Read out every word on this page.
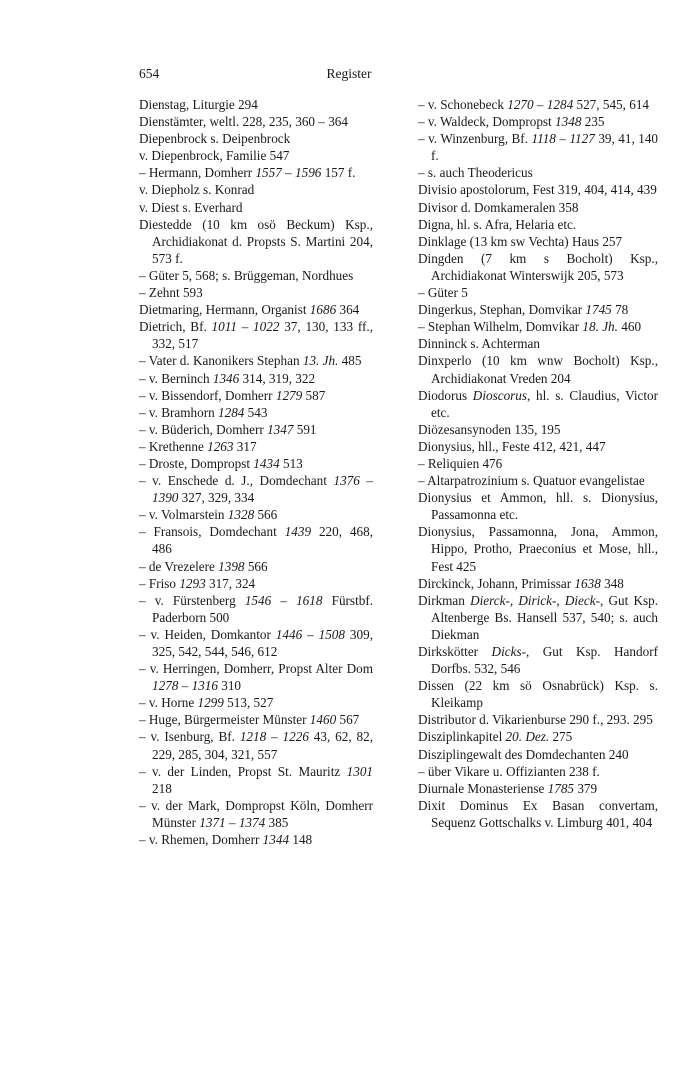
654	Register
Dienstag, Liturgie 294
Dienstämter, weltl. 228, 235, 360 – 364
Diepenbrock s. Deipenbrock
v. Diepenbrock, Familie 547
– Hermann, Domherr 1557 – 1596 157 f.
v. Diepholz s. Konrad
v. Diest s. Everhard
Diestedde (10 km osö Beckum) Ksp., Archidiakonat d. Propsts S. Martini 204, 573 f.
– Güter 5, 568; s. Brüggeman, Nordhues
– Zehnt 593
Dietmaring, Hermann, Organist 1686 364
Dietrich, Bf. 1011 – 1022 37, 130, 133 ff., 332, 517
– Vater d. Kanonikers Stephan 13. Jh. 485
– v. Berninch 1346 314, 319, 322
– v. Bissendorf, Domherr 1279 587
– v. Bramhorn 1284 543
– v. Büderich, Domherr 1347 591
– Krethenne 1263 317
– Droste, Dompropst 1434 513
– v. Enschede d. J., Domdechant 1376 – 1390 327, 329, 334
– v. Volmarstein 1328 566
– Fransois, Domdechant 1439 220, 468, 486
– de Vrezelere 1398 566
– Friso 1293 317, 324
– v. Fürstenberg 1546 – 1618 Fürstbf. Paderborn 500
– v. Heiden, Domkantor 1446 – 1508 309, 325, 542, 544, 546, 612
– v. Herringen, Domherr, Propst Alter Dom 1278 – 1316 310
– v. Horne 1299 513, 527
– Huge, Bürgermeister Münster 1460 567
– v. Isenburg, Bf. 1218 – 1226 43, 62, 82, 229, 285, 304, 321, 557
– v. der Linden, Propst St. Mauritz 1301 218
– v. der Mark, Dompropst Köln, Domherr Münster 1371 – 1374 385
– v. Rhemen, Domherr 1344 148
– v. Schonebeck 1270 – 1284 527, 545, 614
– v. Waldeck, Dompropst 1348 235
– v. Winzenburg, Bf. 1118 – 1127 39, 41, 140 f.
– s. auch Theodericus
Divisio apostolorum, Fest 319, 404, 414, 439
Divisor d. Domkameralen 358
Digna, hl. s. Afra, Helaria etc.
Dinklage (13 km sw Vechta) Haus 257
Dingden (7 km s Bocholt) Ksp., Archidiakonat Winterswijk 205, 573
– Güter 5
Dingerkus, Stephan, Domvikar 1745 78
– Stephan Wilhelm, Domvikar 18. Jh. 460
Dinninck s. Achterman
Dinxperlo (10 km wnw Bocholt) Ksp., Archidiakonat Vreden 204
Diodorus Dioscorus, hl. s. Claudius, Victor etc.
Diözesansynoden 135, 195
Dionysius, hll., Feste 412, 421, 447
– Reliquien 476
– Altarpatrozinium s. Quatuor evangelistae
Dionysius et Ammon, hll. s. Dionysius, Passamonna etc.
Dionysius, Passamonna, Jona, Ammon, Hippo, Protho, Praeconius et Mose, hll., Fest 425
Dirckinck, Johann, Primissar 1638 348
Dirkman Dierck-, Dirick-, Dieck-, Gut Ksp. Altenberge Bs. Hansell 537, 540; s. auch Diekman
Dirkskötter Dicks-, Gut Ksp. Handorf Dorfbs. 532, 546
Dissen (22 km sö Osnabrück) Ksp. s. Kleikamp
Distributor d. Vikarienburse 290 f., 293. 295
Disziplinkapitel 20. Dez. 275
Disziplingewalt des Domdechanten 240
– über Vikare u. Offizianten 238 f.
Diurnale Monasteriense 1785 379
Dixit Dominus Ex Basan convertam, Sequenz Gottschalks v. Limburg 401, 404
